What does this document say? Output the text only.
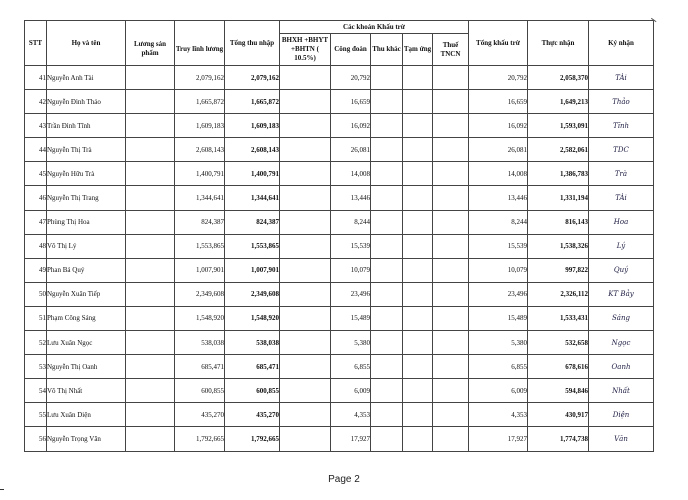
STT	Họ và tên			Tổng thu nhập	Các khoản Khấu trừ					Tổng khấu trừ	Thực nhận	Ký nhận
		Lương sản phẩm	Truy lĩnh lương		BHXH +BHYT +BHTN ( 10.5%)	Công đoàn	Thu khác	Tạm ứng	Thuế TNCN			
41	Nguyễn Anh Tài		2,079,162	2,079,162		20,792				20,792	2,058,370	TÀi
42	Nguyễn Đình Thảo		1,665,872	1,665,872		16,659				16,659	1,649,213	Thảo
43	Trần Đình Tĩnh		1,609,183	1,609,183		16,092				16,092	1,593,091	Tĩnh
44	Nguyễn Thị Trà		2,608,143	2,608,143		26,081				26,081	2,582,061	TDC
45	Nguyễn Hữu Trà		1,400,791	1,400,791		14,008				14,008	1,386,783	Trà
46	Nguyễn Thị Trang		1,344,641	1,344,641		13,446				13,446	1,331,194	TÀi
47	Phùng Thị Hoa		824,387	824,387		8,244				8,244	816,143	Hoa
48	Võ Thị Lý		1,553,865	1,553,865		15,539				15,539	1,538,326	Lý
49	Phan Bá Quý		1,007,901	1,007,901		10,079				10,079	997,822	Quý
50	Nguyễn Xuân Tiếp		2,349,608	2,349,608		23,496				23,496	2,326,112	KT Bảy
51	Phạm Công Sáng		1,548,920	1,548,920		15,489				15,489	1,533,431	Sáng
52	Lưu Xuân Ngọc		538,038	538,038		5,380				5,380	532,658	Ngọc
53	Nguyễn Thị Oanh		685,471	685,471		6,855				6,855	678,616	Oanh
54	Võ Thị Nhất		600,855	600,855		6,009				6,009	594,846	Nhất
55	Lưu Xuân Diện		435,270	435,270		4,353				4,353	430,917	Diện
56	Nguyễn Trọng Văn		1,792,665	1,792,665		17,927				17,927	1,774,738	Văn
Page 2
